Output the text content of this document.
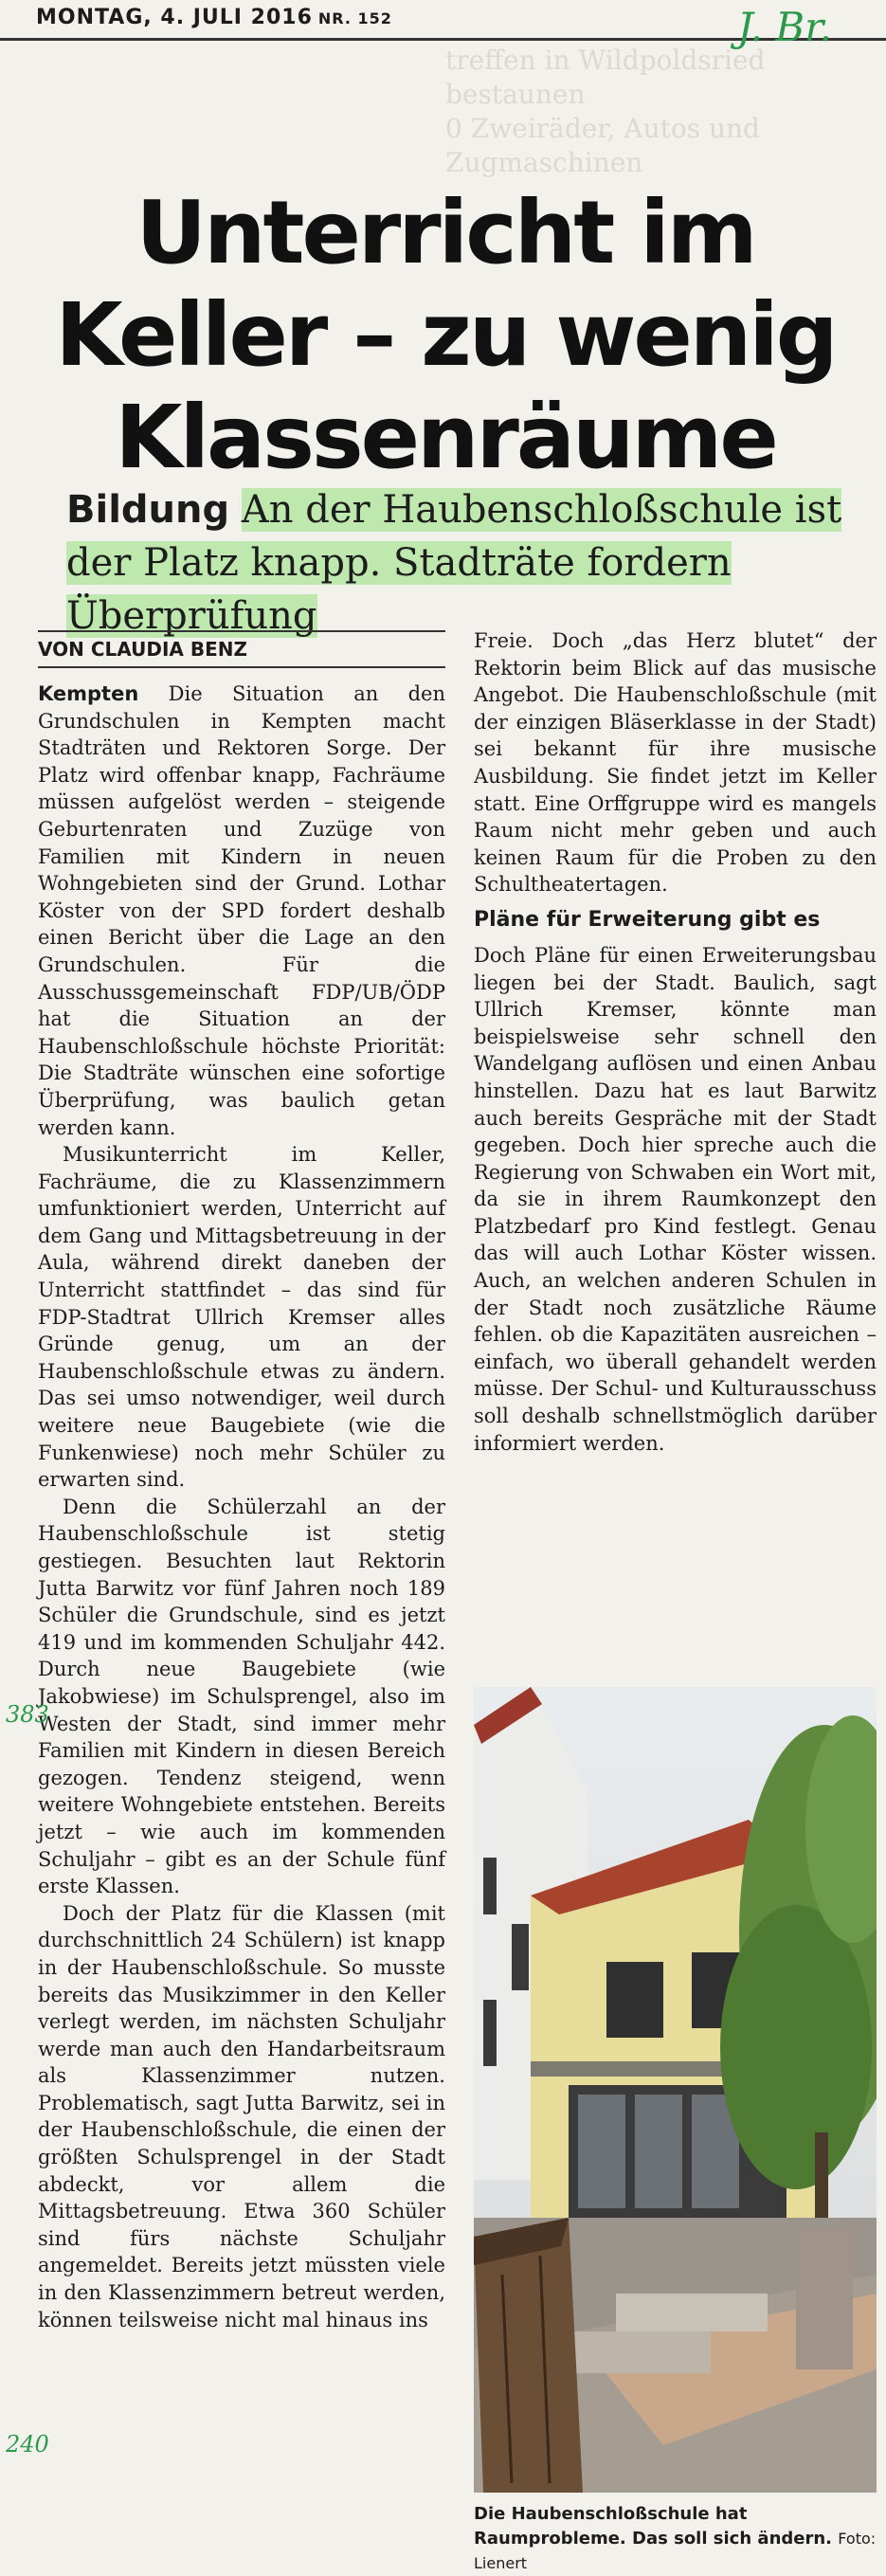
treffen in Wildpoldsried bestaunen
0 Zweiräder, Autos und Zugmaschinen
MONTAG, 4. JULI 2016 NR. 152	J. Br.
Unterricht im Keller – zu wenig Klassenräume
Bildung An der Haubenschloßschule ist der Platz knapp. Stadträte fordern Überprüfung
VON CLAUDIA BENZ

Kempten Die Situation an den Grundschulen in Kempten macht Stadträten und Rektoren Sorge. Der Platz wird offenbar knapp, Fachräume müssen aufgelöst werden – steigende Geburtenraten und Zuzüge von Familien mit Kindern in neuen Wohngebieten sind der Grund. Lothar Köster von der SPD fordert deshalb einen Bericht über die Lage an den Grundschulen. Für die Ausschussgemeinschaft FDP/UB/ÖDP hat die Situation an der Haubenschloßschule höchste Priorität: Die Stadträte wünschen eine sofortige Überprüfung, was baulich getan werden kann.

Musikunterricht im Keller, Fachräume, die zu Klassenzimmern umfunktioniert werden, Unterricht auf dem Gang und Mittagsbetreuung in der Aula, während direkt daneben der Unterricht stattfindet – das sind für FDP-Stadtrat Ullrich Kremser alles Gründe genug, um an der Haubenschloßschule etwas zu ändern. Das sei umso notwendiger, weil durch weitere neue Baugebiete (wie die Funkenwiese) noch mehr Schüler zu erwarten sind.

Denn die Schülerzahl an der Haubenschloßschule ist stetig gestiegen. Besuchten laut Rektorin Jutta Barwitz vor fünf Jahren noch 189 Schüler die Grundschule, sind es jetzt 419 und im kommenden Schuljahr 442. Durch neue Baugebiete (wie Jakobwiese) im Schulsprengel, also im Westen der Stadt, sind immer mehr Familien mit Kindern in diesen Bereich gezogen. Tendenz steigend, wenn weitere Wohngebiete entstehen. Bereits jetzt – wie auch im kommenden Schuljahr – gibt es an der Schule fünf erste Klassen.

Doch der Platz für die Klassen (mit durchschnittlich 24 Schülern) ist knapp in der Haubenschloßschule. So musste bereits das Musikzimmer in den Keller verlegt werden, im nächsten Schuljahr werde man auch den Handarbeitsraum als Klassenzimmer nutzen. Problematisch, sagt Jutta Barwitz, sei in der Haubenschloßschule, die einen der größten Schulsprengel in der Stadt abdeckt, vor allem die Mittagsbetreuung. Etwa 360 Schüler sind fürs nächste Schuljahr angemeldet. Bereits jetzt müssten viele in den Klassenzimmern betreut werden, können teilsweise nicht mal hinaus ins

383
240

Freie. Doch „das Herz blutet“ der Rektorin beim Blick auf das musische Angebot. Die Haubenschloßschule (mit der einzigen Bläserklasse in der Stadt) sei bekannt für ihre musische Ausbildung. Sie findet jetzt im Keller statt. Eine Orffgruppe wird es mangels Raum nicht mehr geben und auch keinen Raum für die Proben zu den Schultheatertagen.

Pläne für Erweiterung gibt es

Doch Pläne für einen Erweiterungsbau liegen bei der Stadt. Baulich, sagt Ullrich Kremser, könnte man beispielsweise sehr schnell den Wandelgang auflösen und einen Anbau hinstellen. Dazu hat es laut Barwitz auch bereits Gespräche mit der Stadt gegeben. Doch hier spreche auch die Regierung von Schwaben ein Wort mit, da sie in ihrem Raumkonzept den Platzbedarf pro Kind festlegt. Genau das will auch Lothar Köster wissen. Auch, an welchen anderen Schulen in der Stadt noch zusätzliche Räume fehlen. ob die Kapazitäten ausreichen – einfach, wo überall gehandelt werden müsse. Der Schul- und Kulturausschuss soll deshalb schnellstmöglich darüber informiert werden.

Die Haubenschloßschule hat Raumprobleme. Das soll sich ändern. Foto: Lienert
